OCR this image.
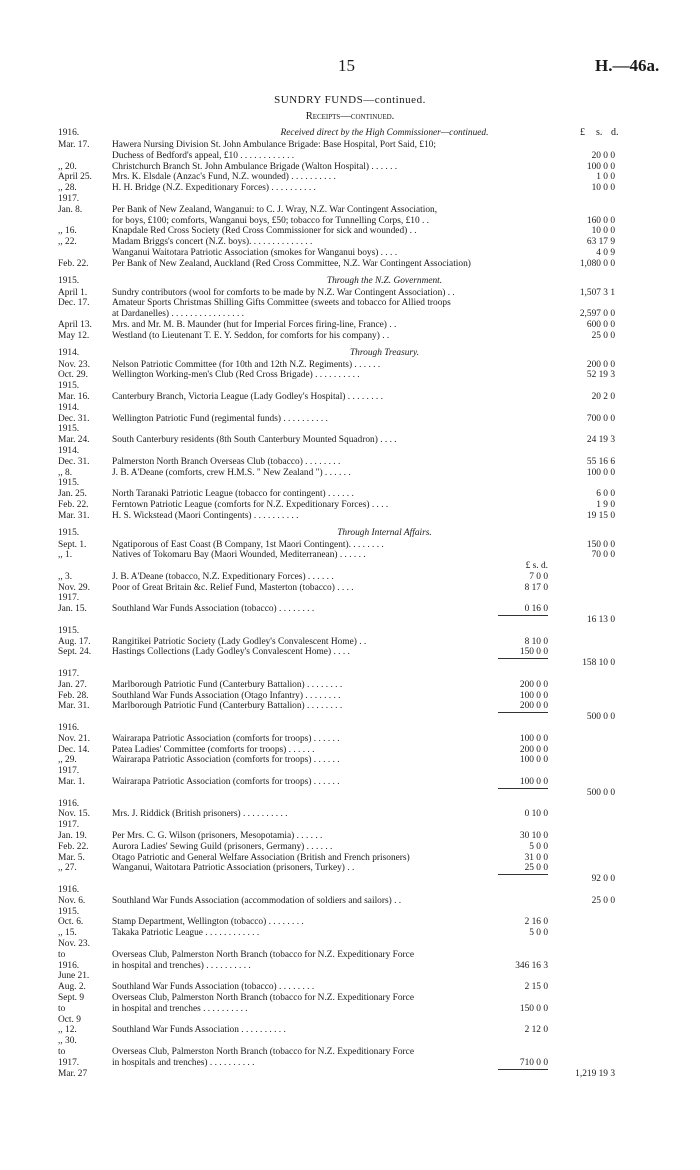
15	H.—46a.
SUNDRY FUNDS—continued.
Receipts—continued.
£ s. d.
1916.	Received direct by the High Commissioner—continued.
Mar. 17. Hawera Nursing Division St. John Ambulance Brigade: Base Hospital, Port Said, £10;
Duchess of Bedford's appeal, £10 . . . . . . . . . . . .	20 0 0
,, 20.	Christchurch Branch St. John Ambulance Brigade (Walton Hospital) . . . . . .	100 0 0
April 25. Mrs. K. Elsdale (Anzac's Fund, N.Z. wounded) . . . . . . . . . .	1 0 0
,, 28.	H. H. Bridge (N.Z. Expeditionary Forces) . . . . . . . . . .	10 0 0
1917.
Jan. 8.	Per Bank of New Zealand, Wanganui: to C. J. Wray, N.Z. War Contingent Association,
for boys, £100; comforts, Wanganui boys, £50; tobacco for Tunnelling Corps, £10 . .	160 0 0
,, 16.	Knapdale Red Cross Society (Red Cross Commissioner for sick and wounded) . .	10 0 0
,, 22.	Madam Briggs's concert (N.Z. boys). . . . . . . . . . . . . .	63 17 9
Wanganui Waitotara Patriotic Association (smokes for Wanganui boys) . . . .	4 0 9
Feb. 22.	Per Bank of New Zealand, Auckland (Red Cross Committee, N.Z. War Contingent Association)	1,080 0 0
1915.	Through the N.Z. Government.
April 1.	Sundry contributors (wool for comforts to be made by N.Z. War Contingent Association) . .	1,507 3 1
Dec. 17. Amateur Sports Christmas Shilling Gifts Committee (sweets and tobacco for Allied troops
at Dardanelles) . . . . . . . . . . . . . . . .	2,597 0 0
April 13. Mrs. and Mr. M. B. Maunder (hut for Imperial Forces firing-line, France) . .	600 0 0
May 12. Westland (to Lieutenant T. E. Y. Seddon, for comforts for his company) . .	25 0 0
1914.	Through Treasury.
Nov. 23. Nelson Patriotic Committee (for 10th and 12th N.Z. Regiments) . . . . . .	200 0 0
Oct. 29.	Wellington Working-men's Club (Red Cross Brigade) . . . . . . . . . .	52 19 3
1915.
Mar. 16. Canterbury Branch, Victoria League (Lady Godley's Hospital) . . . . . . . .	20 2 0
1914.
Dec. 31. Wellington Patriotic Fund (regimental funds) . . . . . . . . . .	700 0 0
1915.
Mar. 24. South Canterbury residents (8th South Canterbury Mounted Squadron) . . . .	24 19 3
1914.
Dec. 31. Palmerston North Branch Overseas Club (tobacco) . . . . . . . .	55 16 6
,, 8.	J. B. A'Deane (comforts, crew H.M.S. " New Zealand ") . . . . . .	100 0 0
1915.
Jan. 25.	North Taranaki Patriotic League (tobacco for contingent) . . . . . .	6 0 0
Feb. 22.	Ferntown Patriotic League (comforts for N.Z. Expeditionary Forces) . . . .	1 9 0
Mar. 31. H. S. Wickstead (Maori Contingents) . . . . . . . . . .	19 15 0
1915.	Through Internal Affairs.
Sept. 1.	Ngatiporous of East Coast (B Company, 1st Maori Contingent). . . . . . . .	150 0 0
,, 1.	Natives of Tokomaru Bay (Maori Wounded, Mediterranean) . . . . . .	70 0 0
£ s. d.
,, 3.	J. B. A'Deane (tobacco, N.Z. Expeditionary Forces) . . . . . .	7 0 0
Nov. 29. Poor of Great Britain &c. Relief Fund, Masterton (tobacco) . . . .	8 17 0
1917.
Jan. 15.	Southland War Funds Association (tobacco) . . . . . . . .	0 16 0
16 13 0
1915.
Aug. 17. Rangitikei Patriotic Society (Lady Godley's Convalescent Home) . .	8 10 0
Sept. 24. Hastings Collections (Lady Godley's Convalescent Home) . . . .	150 0 0
158 10 0
1917.
Jan. 27.	Marlborough Patriotic Fund (Canterbury Battalion) . . . . . . . .	200 0 0
Feb. 28.	Southland War Funds Association (Otago Infantry) . . . . . . . .	100 0 0
Mar. 31. Marlborough Patriotic Fund (Canterbury Battalion) . . . . . . . .	200 0 0
500 0 0
1916.
Nov. 21. Wairarapa Patriotic Association (comforts for troops) . . . . . .	100 0 0
Dec. 14. Patea Ladies' Committee (comforts for troops) . . . . . .	200 0 0
,, 29.	Wairarapa Patriotic Association (comforts for troops) . . . . . .	100 0 0
1917.
Mar. 1.	Wairarapa Patriotic Association (comforts for troops) . . . . . .	100 0 0
500 0 0
1916.
Nov. 15. Mrs. J. Riddick (British prisoners) . . . . . . . . . .	0 10 0
1917.
Jan. 19.	Per Mrs. C. G. Wilson (prisoners, Mesopotamia) . . . . . .	30 10 0
Feb. 22.	Aurora Ladies' Sewing Guild (prisoners, Germany) . . . . . .	5 0 0
Mar. 5.	Otago Patriotic and General Welfare Association (British and French prisoners)	31 0 0
,, 27.	Wanganui, Waitotara Patriotic Association (prisoners, Turkey) . .	25 0 0
92 0 0
1916.
Nov. 6.	Southland War Funds Association (accommodation of soldiers and sailors) . .	25 0 0
1915.
Oct. 6.	Stamp Department, Wellington (tobacco) . . . . . . . .	2 16 0
,, 15.	Takaka Patriotic League . . . . . . . . . . . .	5 0 0
Nov. 23.
to	Overseas Club, Palmerston North Branch (tobacco for N.Z. Expeditionary Force
1916.	in hospital and trenches) . . . . . . . . . .	346 16 3
June 21.
Aug. 2.	Southland War Funds Association (tobacco) . . . . . . . .	2 15 0
Sept. 9	Overseas Club, Palmerston North Branch (tobacco for N.Z. Expeditionary Force
to	in hospital and trenches . . . . . . . . . .	150 0 0
Oct. 9
,, 12.	Southland War Funds Association . . . . . . . . . .	2 12 0
,, 30.
to	Overseas Club, Palmerston North Branch (tobacco for N.Z. Expeditionary Force
1917.	in hospitals and trenches) . . . . . . . . . .	710 0 0
Mar. 27	1,219 19 3
